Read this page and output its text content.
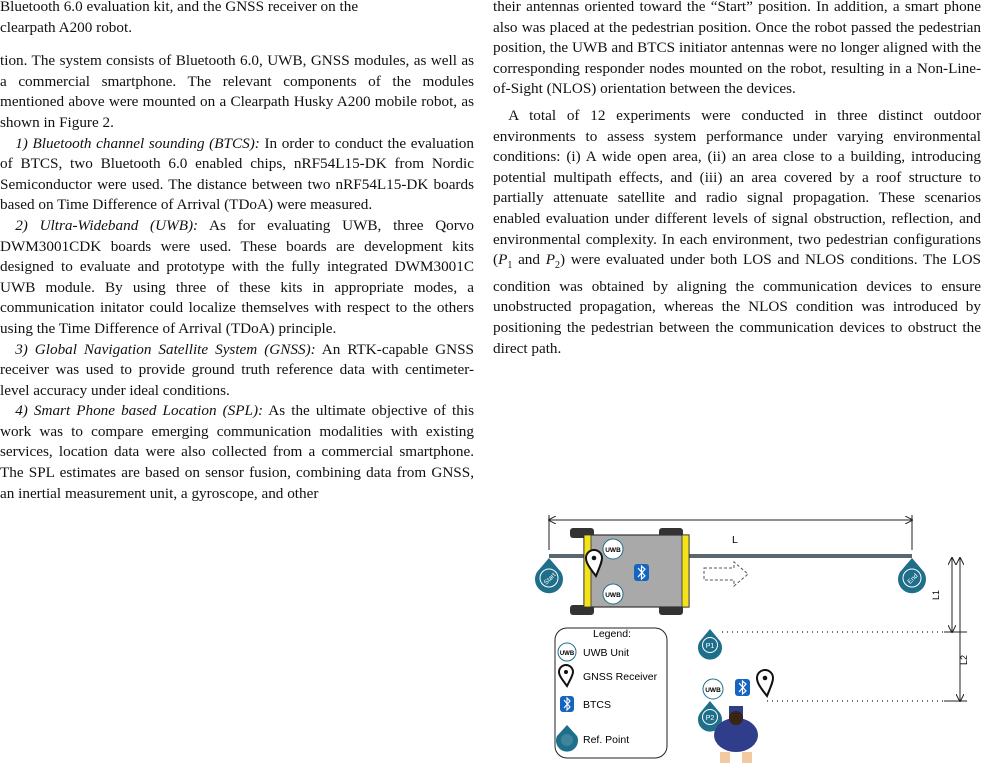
Bluetooth 6.0 evaluation kit, and the GNSS receiver on the

clearpath A200 robot.

tion. The system consists of Bluetooth 6.0, UWB, GNSS modules, as well as a commercial smartphone. The relevant components of the modules mentioned above were mounted on a Clearpath Husky A200 mobile robot, as shown in Figure 2.

1) Bluetooth channel sounding (BTCS): In order to conduct the evaluation of BTCS, two Bluetooth 6.0 enabled chips, nRF54L15-DK from Nordic Semiconductor were used. The distance between two nRF54L15-DK boards based on Time Difference of Arrival (TDoA) were measured.

2) Ultra-Wideband (UWB): As for evaluating UWB, three Qorvo DWM3001CDK boards were used. These boards are development kits designed to evaluate and prototype with the fully integrated DWM3001C UWB module. By using three of these kits in appropriate modes, a communication initator could localize themselves with respect to the others using the Time Difference of Arrival (TDoA) principle.

3) Global Navigation Satellite System (GNSS): An RTK-capable GNSS receiver was used to provide ground truth reference data with centimeter-level accuracy under ideal conditions.

4) Smart Phone based Location (SPL): As the ultimate objective of this work was to compare emerging communication modalities with existing services, location data were also collected from a commercial smartphone. The SPL estimates are based on sensor fusion, combining data from GNSS, an inertial measurement unit, a gyroscope, and other

their antennas oriented toward the “Start” position. In addition, a smart phone also was placed at the pedestrian position. Once the robot passed the pedestrian position, the UWB and BTCS initiator antennas were no longer aligned with the corresponding responder nodes mounted on the robot, resulting in a Non-Line-of-Sight (NLOS) orientation between the devices.

A total of 12 experiments were conducted in three distinct outdoor environments to assess system performance under varying environmental conditions: (i) A wide open area, (ii) an area close to a building, introducing potential multipath effects, and (iii) an area covered by a roof structure to partially attenuate satellite and radio signal propagation. These scenarios enabled evaluation under different levels of signal obstruction, reflection, and environmental complexity. In each environment, two pedestrian configurations ($P_1$ and $P_2$) were evaluated under both LOS and NLOS conditions. The LOS condition was obtained by aligning the communication devices to ensure unobstructed propagation, whereas the NLOS condition was introduced by positioning the pedestrian between the communication devices to obstruct the direct path.

L
Start	End
UWB
UWB	L1
L2
P1
UWB
P2
Legend:
UWB UWB Unit
GNSS Receiver
BTCS
Ref. Point
